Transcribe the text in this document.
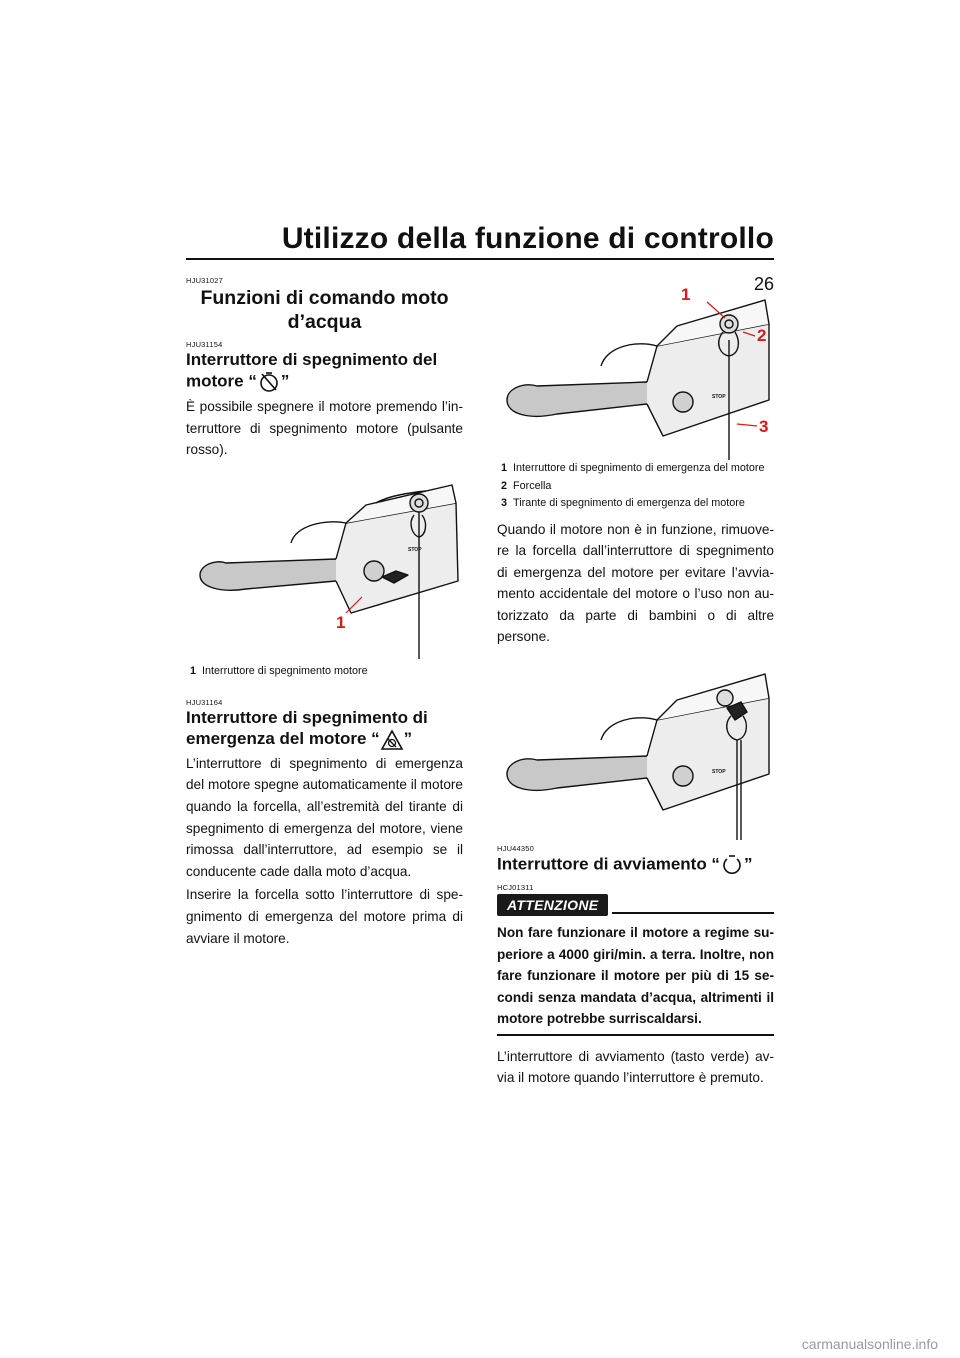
Utilizzo della funzione di controllo
26

HJU31027

Funzioni di comando moto d’acqua

HJU31154

Interruttore di spegnimento del
motore “ ”

È possibile spegnere il motore premendo l’interruttore di spegnimento motore (pulsante rosso).

STOP
1
1 Interruttore di spegnimento motore

HJU31164

Interruttore di spegnimento di
emergenza del motore “ ”

L’interruttore di spegnimento di emergenza del motore spegne automaticamente il motore quando la forcella, all’estremità del tirante di spegnimento di emergenza del motore, viene rimossa dall’interruttore, ad esempio se il conducente cade dalla moto d’acqua.

Inserire la forcella sotto l’interruttore di spegnimento di emergenza del motore prima di avviare il motore.

STOP
1
2
3
1 Interruttore di spegnimento di emergenza del motore
2 Forcella
3 Tirante di spegnimento di emergenza del motore

Quando il motore non è in funzione, rimuovere la forcella dall’interruttore di spegnimento di emergenza del motore per evitare l’avviamento accidentale del motore o l’uso non autorizzato da parte di bambini o di altre persone.

STOP

HJU44350

Interruttore di avviamento “ ”

HCJ01311

ATTENZIONE

Non fare funzionare il motore a regime superiore a 4000 giri/min. a terra. Inoltre, non fare funzionare il motore per più di 15 secondi senza mandata d’acqua, altrimenti il motore potrebbe surriscaldarsi.

L’interruttore di avviamento (tasto verde) avvia il motore quando l’interruttore è premuto.

carmanualsonline.info
